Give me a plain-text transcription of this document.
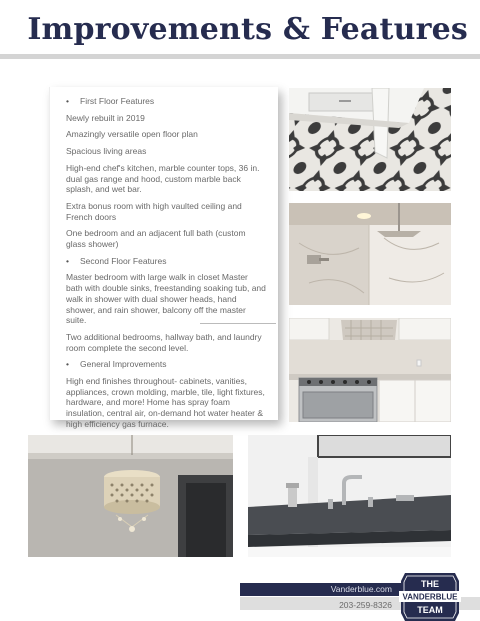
Improvements & Features

• First Floor Features

Newly rebuilt in 2019

Amazingly versatile open floor plan

Spacious living areas

High-end chef's kitchen, marble counter tops, 36 in. dual gas range and hood, custom marble back splash, and wet bar.

Extra bonus room with high vaulted ceiling and French doors

One bedroom and an adjacent full bath (custom glass shower)

• Second Floor Features

Master bedroom with large walk in closet Master bath with double sinks, freestanding soaking tub, and walk in shower with dual shower heads, hand shower, and rain shower, balcony off the master suite.

Two additional bedrooms, hallway bath, and laundry room complete the second level.

• General Improvements

High end finishes throughout- cabinets, vanities, appliances, crown molding, marble, tile, light fixtures, hardware, and more! Home has spray foam insulation, central air, on-demand hot water heater & high efficiency gas furnace.

Vanderblue.com
203-259-8326
THE
VANDERBLUE
TEAM
